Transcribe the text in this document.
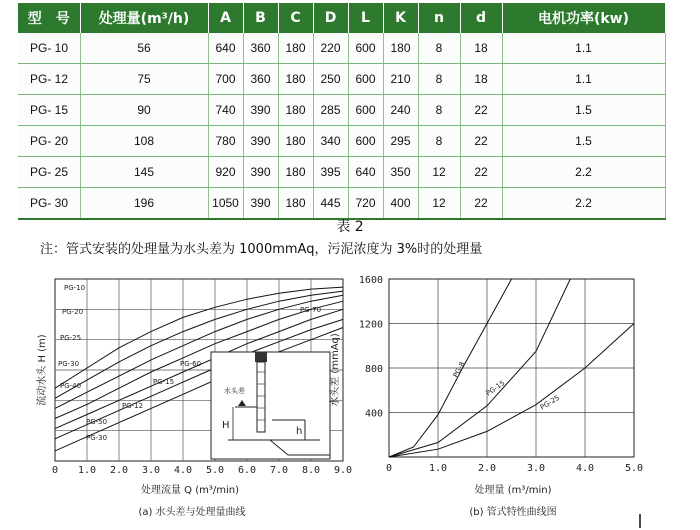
型　号	处理量(m³/h)	A	B	C	D	L	K	n	d	电机功率(kw)
PG- 10	56	640	360	180	220	600	180	8	18	1.1
PG- 12	75	700	360	180	250	600	210	8	18	1.1
PG- 15	90	740	390	180	285	600	240	8	22	1.5
PG- 20	108	780	390	180	340	600	295	8	22	1.5
PG- 25	145	920	390	180	395	640	350	12	22	2.2
PG- 30	196	1050	390	180	445	720	400	12	22	2.2
表 2
注：管式安装的处理量为水头差为 1000mmAq，污泥浓度为 3%时的处理量
PG-10
PG-20
PG-25
PG-30
PG-40	PG-15
PG-12
PG-50
PG-30
PG-60
PG-70
水头差
H
h
0 1.0 2.0 3.0 4.0 5.0 6.0 7.0 8.0 9.0
处理流量 Q (m³/min)
流动水头 H (m)
(a) 水头差与处理量曲线
PG-8
PG-15
PG-25
1600
1200
800
400
0	1.0	2.0	3.0	4.0	5.0
处理量 (m³/min)
水头差 (mmAq)
(b) 管式特性曲线图
